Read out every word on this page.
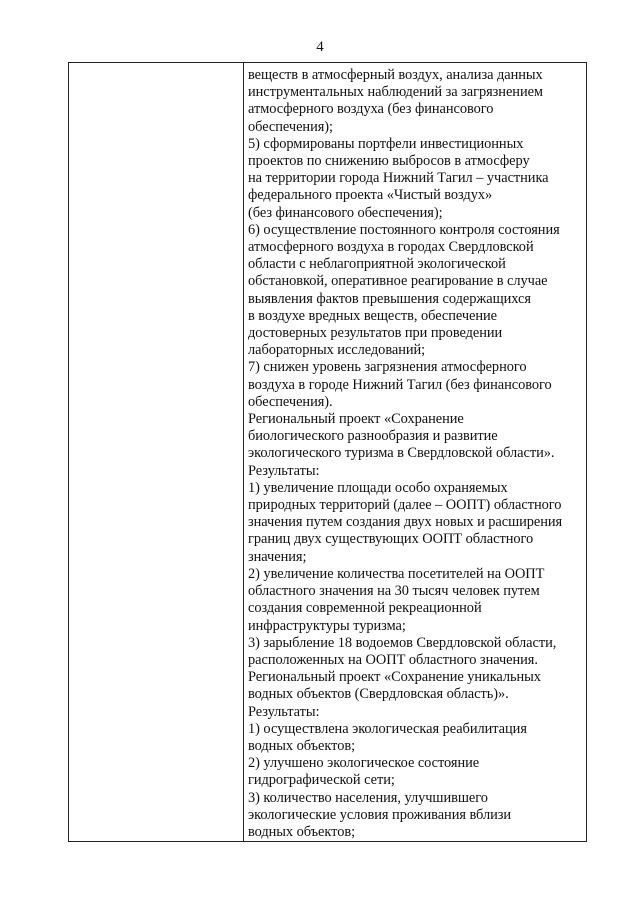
4
веществ в атмосферный воздух, анализа данных
инструментальных наблюдений за загрязнением
атмосферного воздуха (без финансового
обеспечения);
5) сформированы портфели инвестиционных
проектов по снижению выбросов в атмосферу
на территории города Нижний Тагил – участника
федерального проекта «Чистый воздух»
(без финансового обеспечения);
6) осуществление постоянного контроля состояния
атмосферного воздуха в городах Свердловской
области с неблагоприятной экологической
обстановкой, оперативное реагирование в случае
выявления фактов превышения содержащихся
в воздухе вредных веществ, обеспечение
достоверных результатов при проведении
лабораторных исследований;
7) снижен уровень загрязнения атмосферного
воздуха в городе Нижний Тагил (без финансового
обеспечения).
Региональный проект «Сохранение
биологического разнообразия и развитие
экологического туризма в Свердловской области».
Результаты:
1) увеличение площади особо охраняемых
природных территорий (далее – ООПТ) областного
значения путем создания двух новых и расширения
границ двух существующих ООПТ областного
значения;
2) увеличение количества посетителей на ООПТ
областного значения на 30 тысяч человек путем
создания современной рекреационной
инфраструктуры туризма;
3) зарыбление 18 водоемов Свердловской области,
расположенных на ООПТ областного значения.
Региональный проект «Сохранение уникальных
водных объектов (Свердловская область)».
Результаты:
1) осуществлена экологическая реабилитация
водных объектов;
2) улучшено экологическое состояние
гидрографической сети;
3) количество населения, улучшившего
экологические условия проживания вблизи
водных объектов;
